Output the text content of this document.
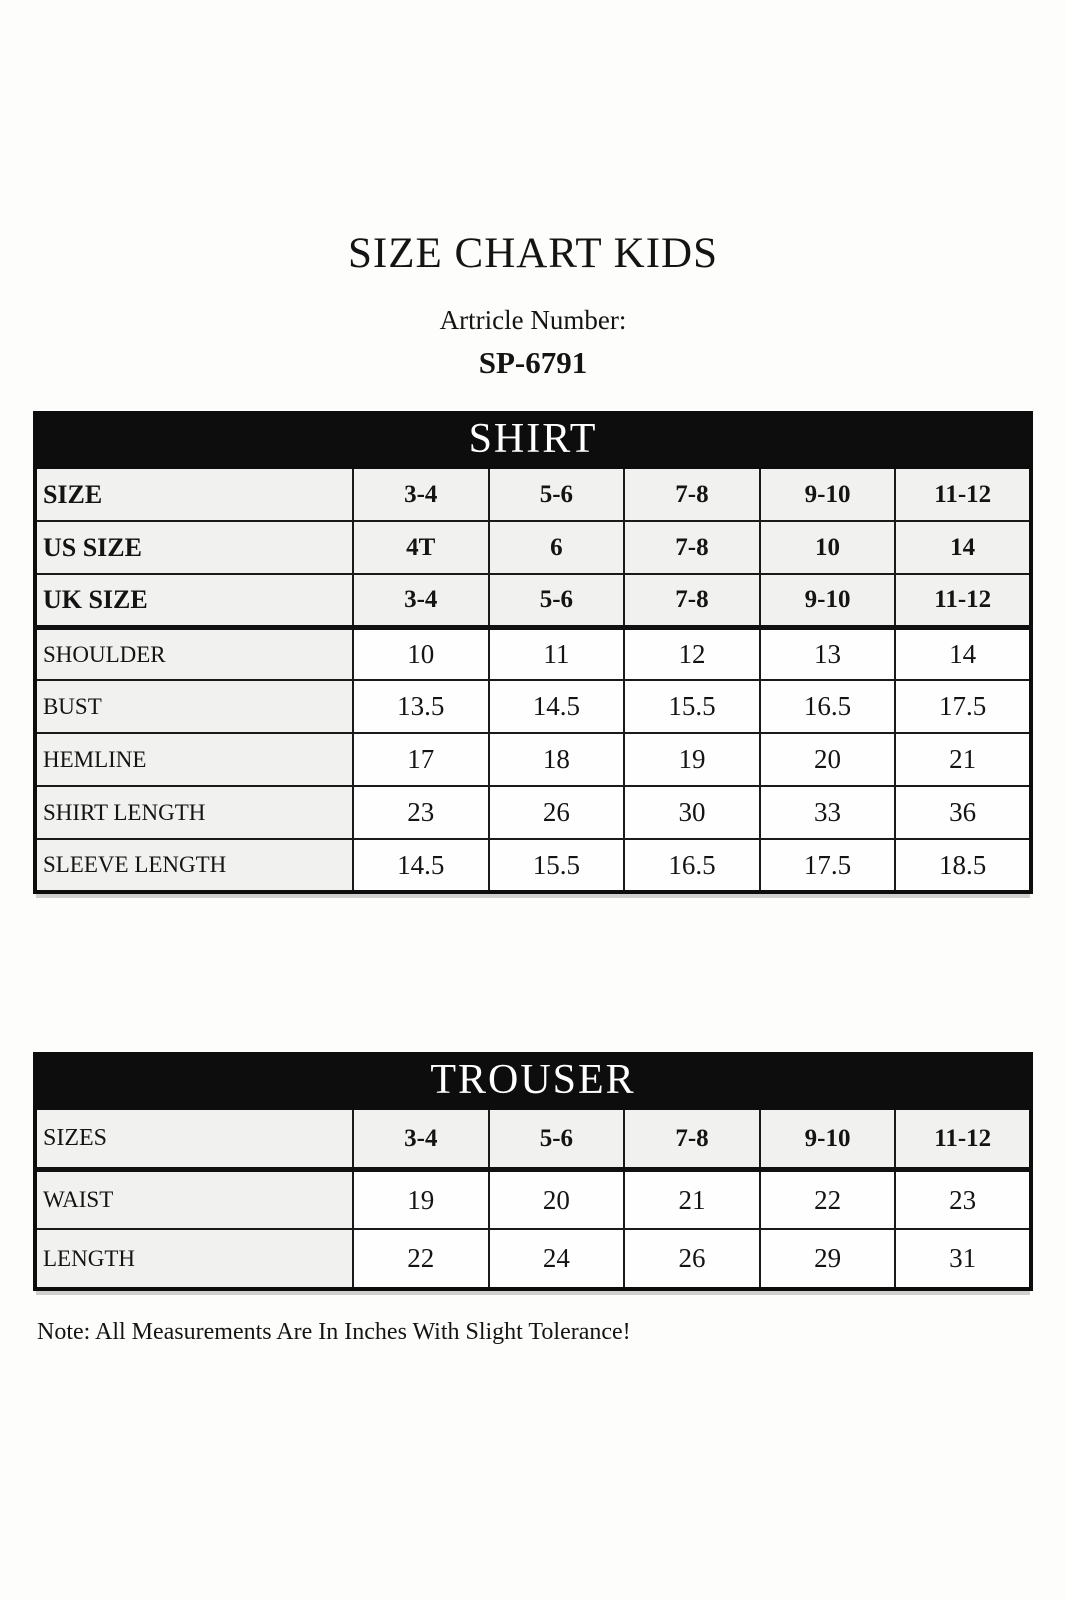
SIZE CHART KIDS
Artricle Number:
SP-6791
SHIRT					
SIZE	3-4	5-6	7-8	9-10	11-12
US SIZE	4T	6	7-8	10	14
UK SIZE	3-4	5-6	7-8	9-10	11-12
SHOULDER	10	11	12	13	14
BUST	13.5	14.5	15.5	16.5	17.5
HEMLINE	17	18	19	20	21
SHIRT LENGTH	23	26	30	33	36
SLEEVE LENGTH	14.5	15.5	16.5	17.5	18.5
TROUSER					
SIZES	3-4	5-6	7-8	9-10	11-12
WAIST	19	20	21	22	23
LENGTH	22	24	26	29	31

Note: All Measurements Are In Inches With Slight Tolerance!
